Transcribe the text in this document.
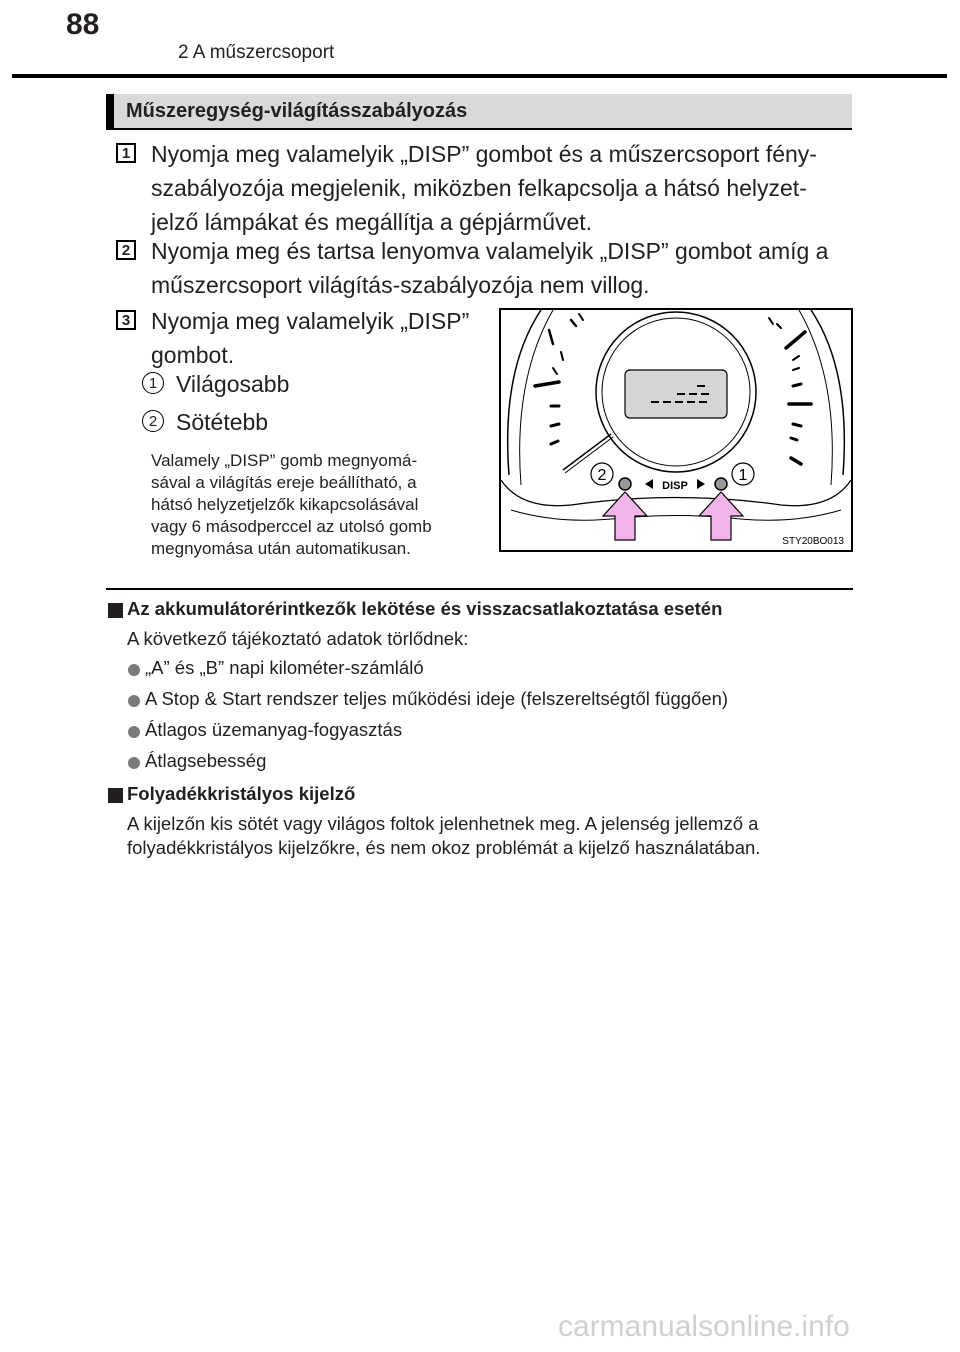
88
2 A műszercsoport
Műszeregység-világításszabályozás
1 Nyomja meg valamelyik „DISP” gombot és a műszercsoport fény-
szabályozója megjelenik, miközben felkapcsolja a hátsó helyzet-
jelző lámpákat és megállítja a gépjárművet.
2 Nyomja meg és tartsa lenyomva valamelyik „DISP” gombot amíg a
műszercsoport világítás-szabályozója nem villog.
3 Nyomja meg valamelyik „DISP”
gombot.
1 Világosabb
2 Sötétebb
Valamely „DISP” gomb megnyomá-
sával a világítás ereje beállítható, a
hátsó helyzetjelzők kikapcsolásával
vagy 6 másodperccel az utolsó gomb
megnyomása után automatikusan.
DISP
2	1
STY20BO013
Az akkumulátorérintkezők lekötése és visszacsatlakoztatása esetén
A következő tájékoztató adatok törlődnek:
„A” és „B” napi kilométer-számláló
A Stop & Start rendszer teljes működési ideje (felszereltségtől függően)
Átlagos üzemanyag-fogyasztás
Átlagsebesség
Folyadékkristályos kijelző
A kijelzőn kis sötét vagy világos foltok jelenhetnek meg. A jelenség jellemző a
folyadékkristályos kijelzőkre, és nem okoz problémát a kijelző használatában.
carmanualsonline.info
